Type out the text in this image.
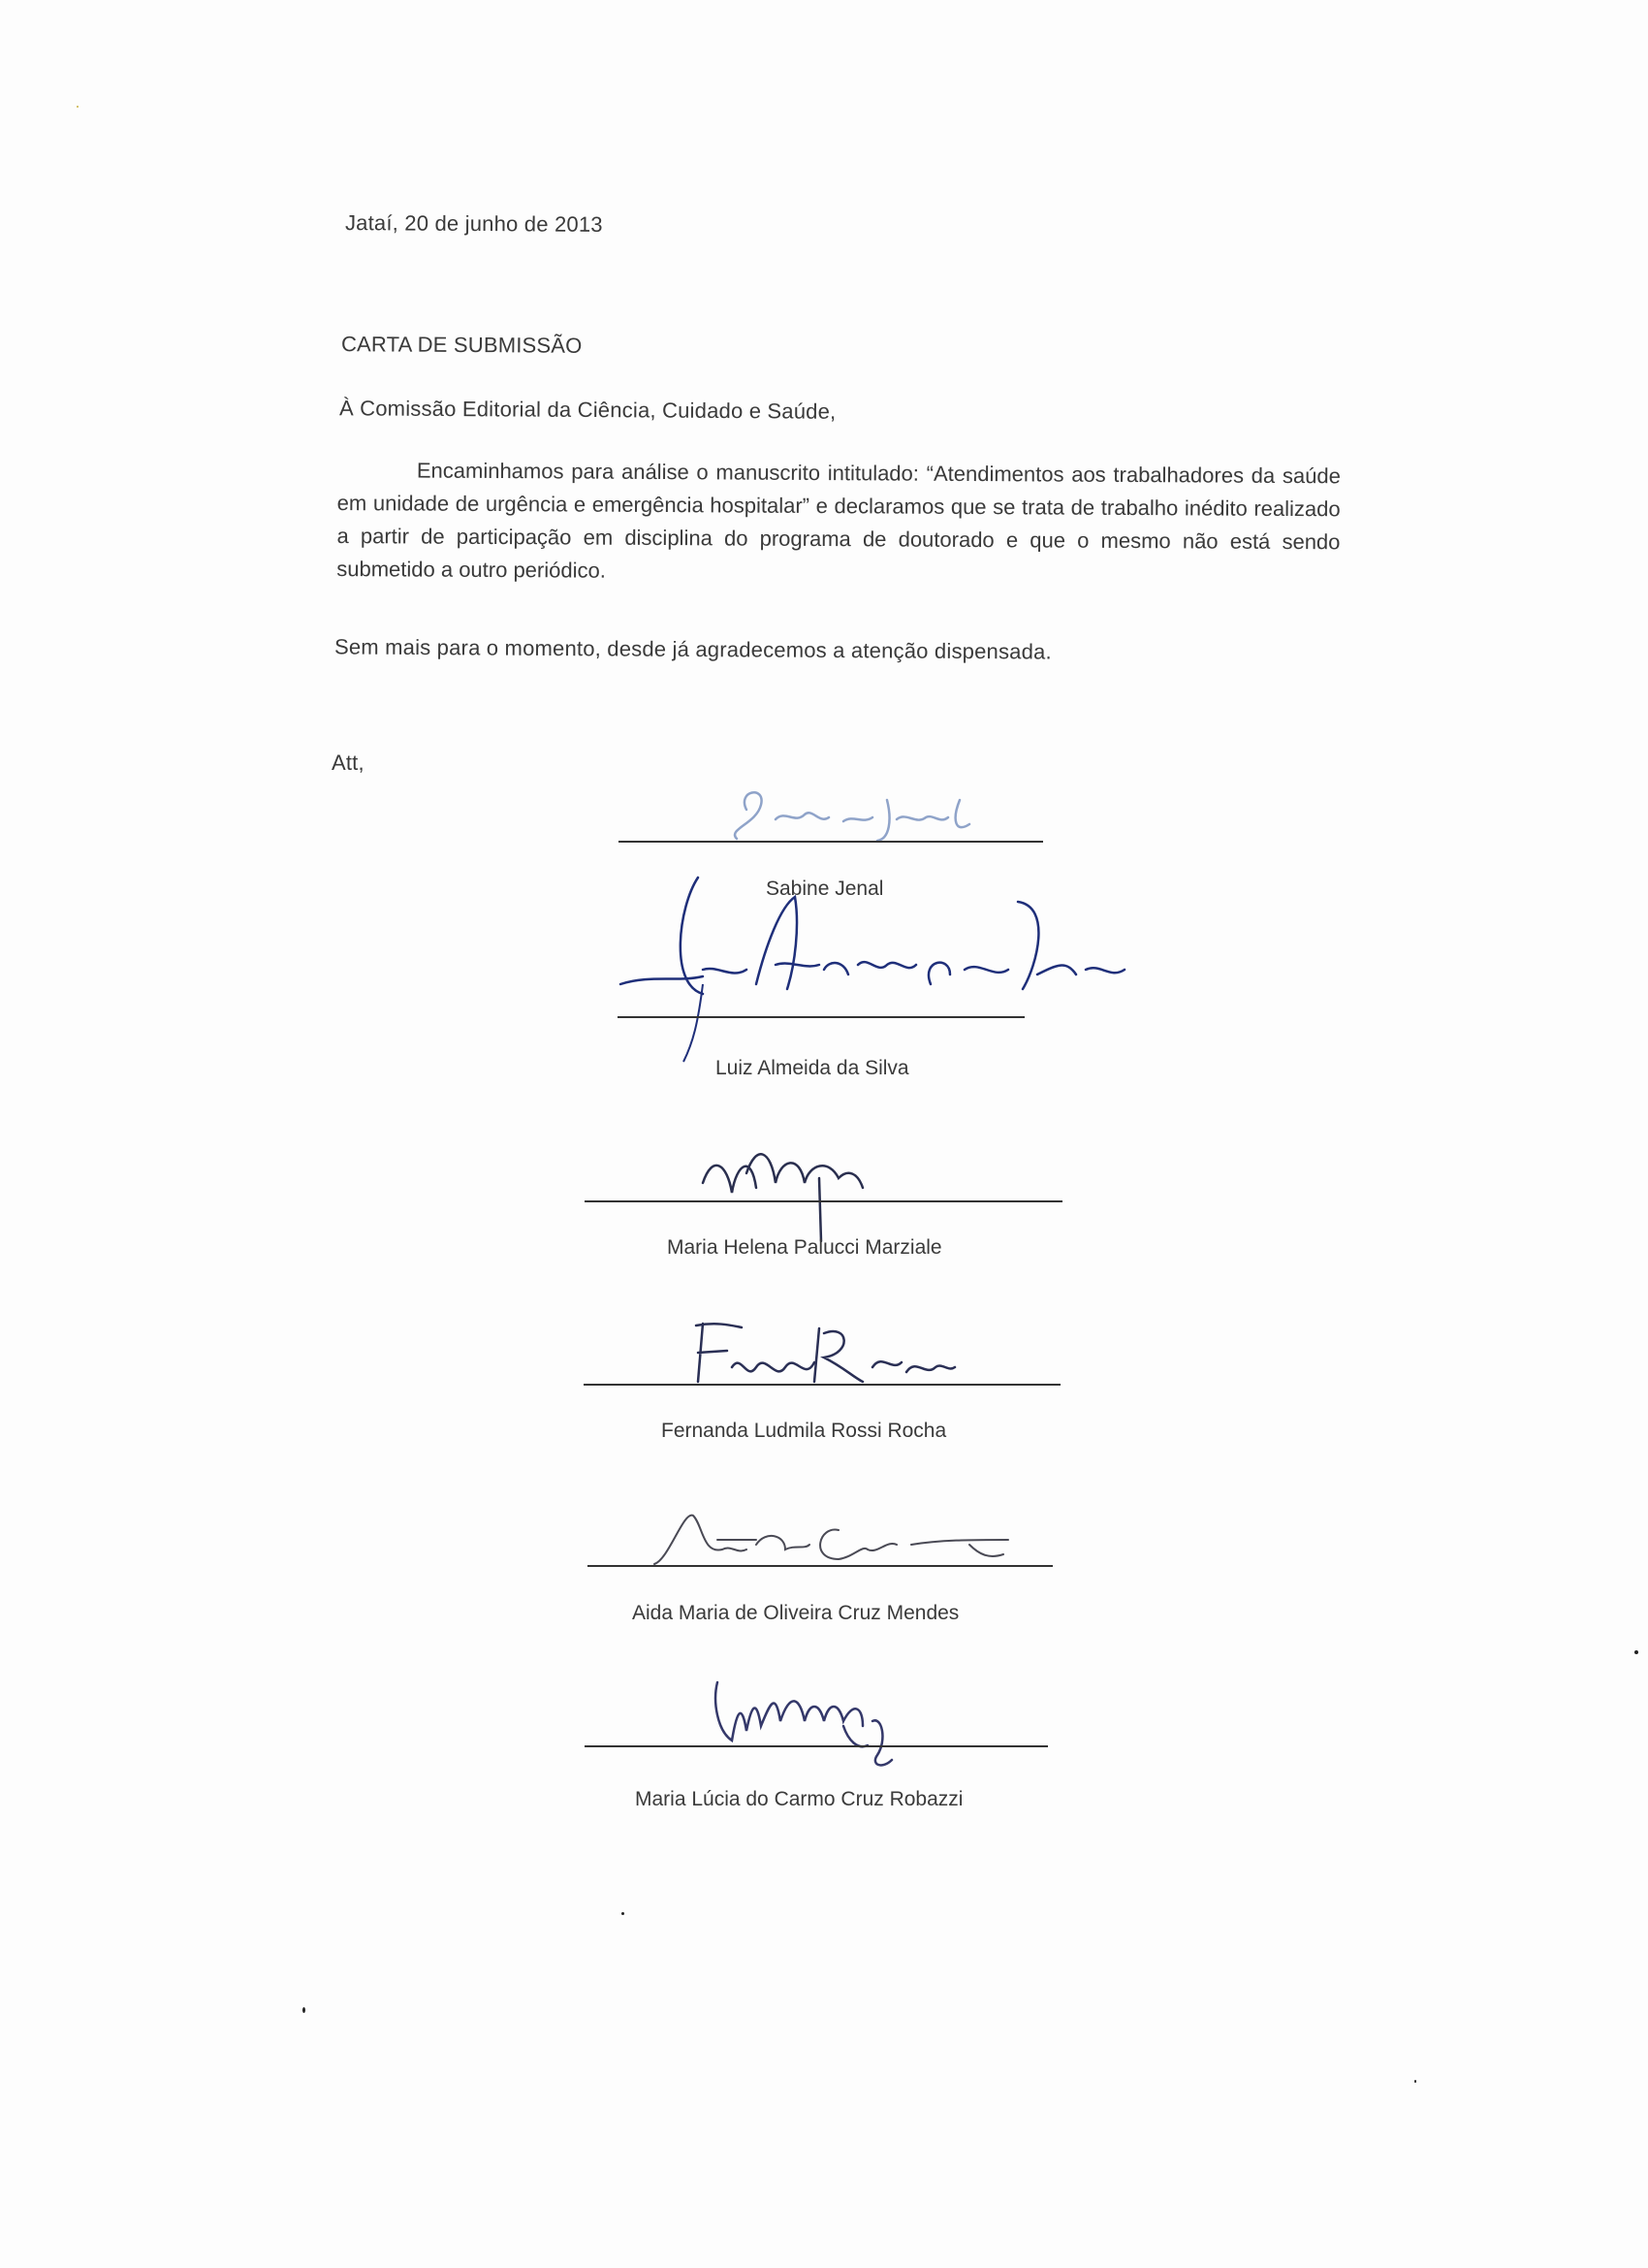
Jataí, 20 de junho de 2013
CARTA DE SUBMISSÃO
À Comissão Editorial da Ciência, Cuidado e Saúde,
Encaminhamos para análise o manuscrito intitulado: “Atendimentos aos trabalhadores da saúde em unidade de urgência e emergência hospitalar” e declaramos que se trata de trabalho inédito realizado a partir de participação em disciplina do programa de doutorado e que o mesmo não está sendo submetido a outro periódico.
Sem mais para o momento, desde já agradecemos a atenção dispensada.
Att,
Sabine Jenal
Luiz Almeida da Silva
Maria Helena Palucci Marziale
Fernanda Ludmila Rossi Rocha
Aida Maria de Oliveira Cruz Mendes
Maria Lúcia do Carmo Cruz Robazzi
